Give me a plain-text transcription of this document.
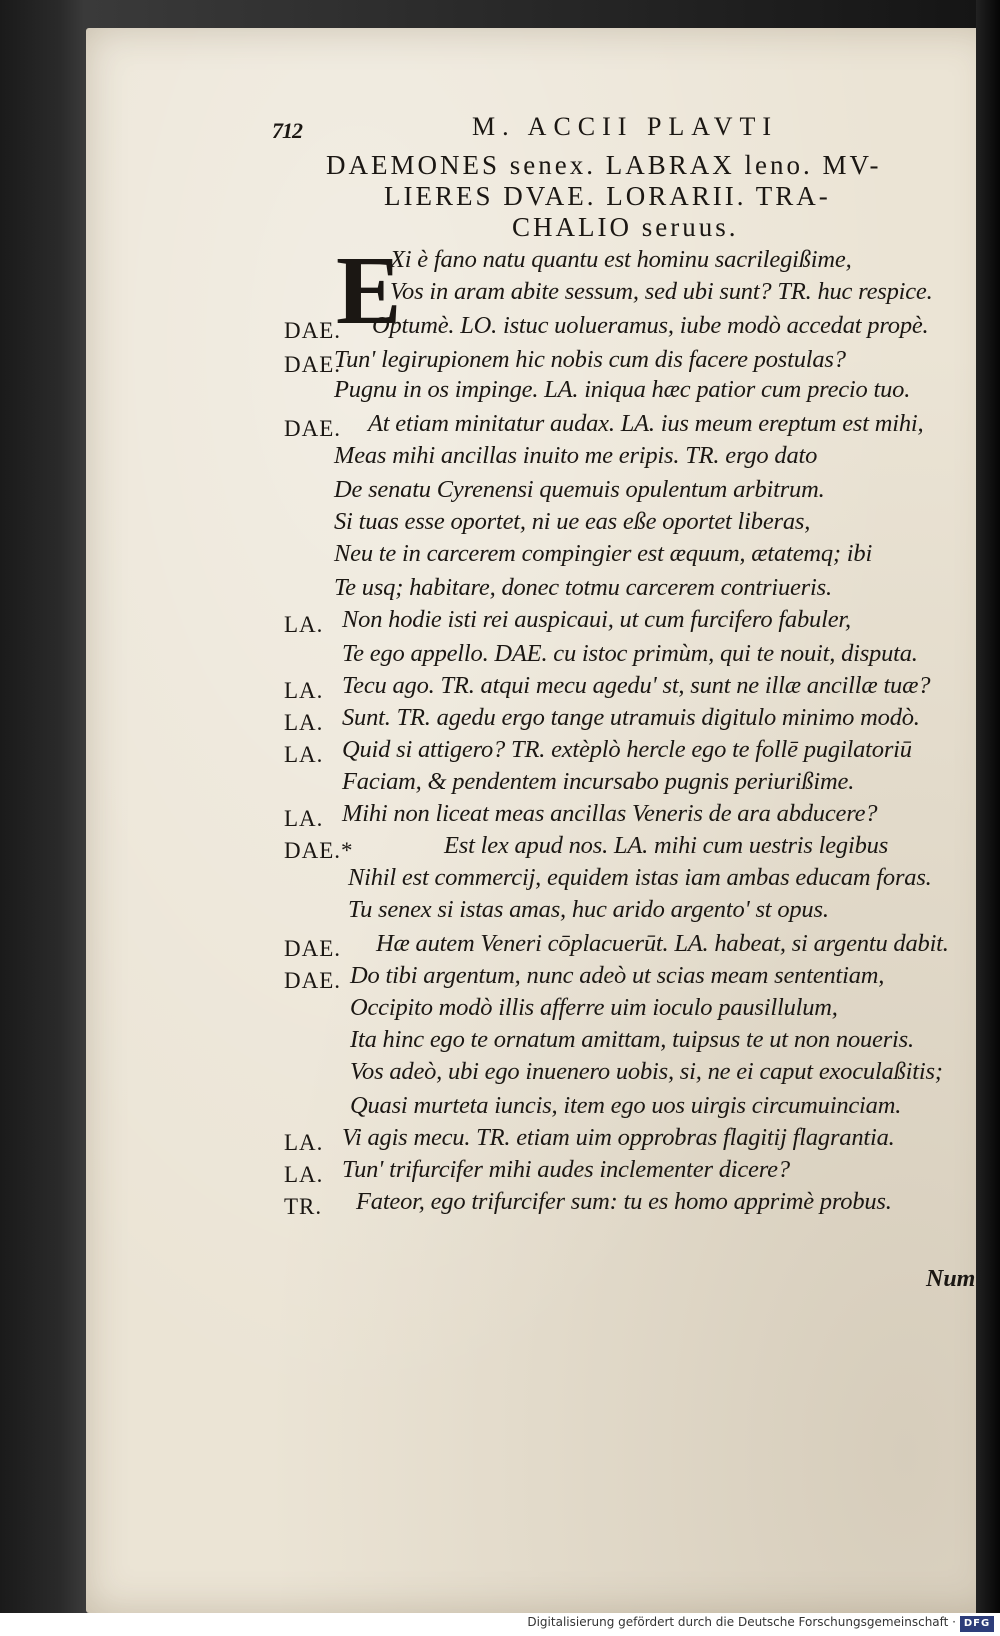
712	M. ACCII PLAVTI
DAEMONES senex. LABRAX leno. MV-
LIERES DVAE. LORARII. TRA-
CHALIO seruus.
E
Xi è fano natu quantu est hominu sacrilegißime,
Vos in aram abite sessum, sed ubi sunt? TR. huc respice.
DAE. Optumè. LO. istuc uolueramus, iube modò accedat propè.
DAE.
Tun' legirupionem hic nobis cum dis facere postulas?
Pugnu in os impinge. LA. iniqua hæc patior cum precio tuo.
DAE. At etiam minitatur audax. LA. ius meum ereptum est mihi,
Meas mihi ancillas inuito me eripis. TR. ergo dato
De senatu Cyrenensi quemuis opulentum arbitrum.
Si tuas esse oportet, ni ue eas eße oportet liberas,
Neu te in carcerem compingier est æquum, ætatemq; ibi
Te usq; habitare, donec totmu carcerem contriueris.
LA. Non hodie isti rei auspicaui, ut cum furcifero fabuler,
Te ego appello. DAE. cu istoc primùm, qui te nouit, disputa.
LA. Tecu ago. TR. atqui mecu agedu' st, sunt ne illæ ancillæ tuæ?
LA. Sunt. TR. agedu ergo tange utramuis digitulo minimo modò.
LA. Quid si attigero? TR. extèplò hercle ego te follē pugilatoriū
Faciam, & pendentem incursabo pugnis periurißime.
LA. Mihi non liceat meas ancillas Veneris de ara abducere?
DAE.*	Est lex apud nos. LA. mihi cum uestris legibus
Nihil est commercij, equidem istas iam ambas educam foras.
Tu senex si istas amas, huc arido argento' st opus.
DAE. Hæ autem Veneri cōplacuerūt. LA. habeat, si argentu dabit.
DAE. Do tibi argentum, nunc adeò ut scias meam sententiam,
Occipito modò illis afferre uim ioculo pausillulum,
Ita hinc ego te ornatum amittam, tuipsus te ut non noueris.
Vos adeò, ubi ego inuenero uobis, si, ne ei caput exoculaßitis;
Quasi murteta iuncis, item ego uos uirgis circumuinciam.
LA. Vi agis mecu. TR. etiam uim opprobras flagitij flagrantia.
LA. Tun' trifurcifer mihi audes inclementer dicere?
TR. Fateor, ego trifurcifer sum: tu es homo apprimè probus.
Num
Digitalisierung gefördert durch die Deutsche Forschungsgemeinschaft · DFG
